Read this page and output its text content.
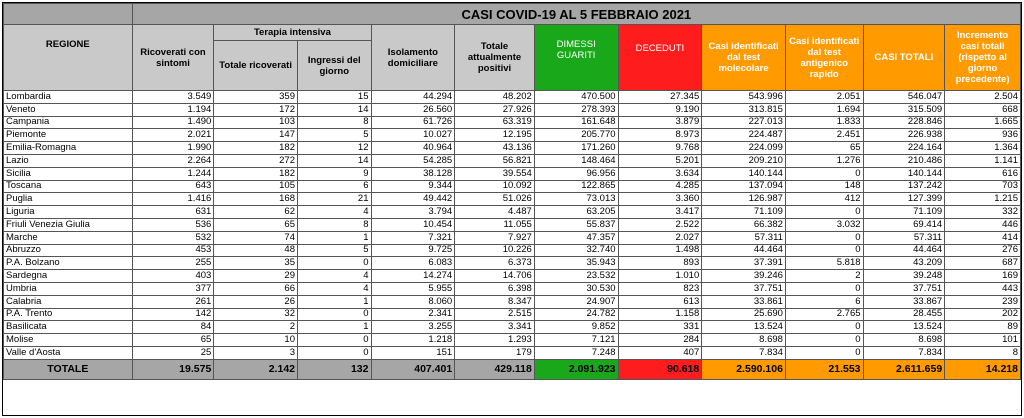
	CASI COVID-19 AL 5 FEBBRAIO 2021										
REGIONE	Ricoverati con sintomi	Terapia intensiva		Isolamento domiciliare	Totale attualmente positivi	DIMESSI GUARITI	DECEDUTI	Casi identificati dal test molecolare	Casi identificati dal test antigenico rapido	CASI TOTALI	Incremento casi totali (rispetto al giorno precedente)
		Totale ricoverati	Ingressi del giorno								
Lombardia	3.549	359	15	44.294	48.202	470.500	27.345	543.996	2.051	546.047	2.504
Veneto	1.194	172	14	26.560	27.926	278.393	9.190	313.815	1.694	315.509	668
Campania	1.490	103	8	61.726	63.319	161.648	3.879	227.013	1.833	228.846	1.665
Piemonte	2.021	147	5	10.027	12.195	205.770	8.973	224.487	2.451	226.938	936
Emilia-Romagna	1.990	182	12	40.964	43.136	171.260	9.768	224.099	65	224.164	1.364
Lazio	2.264	272	14	54.285	56.821	148.464	5.201	209.210	1.276	210.486	1.141
Sicilia	1.244	182	9	38.128	39.554	96.956	3.634	140.144	0	140.144	616
Toscana	643	105	6	9.344	10.092	122.865	4.285	137.094	148	137.242	703
Puglia	1.416	168	21	49.442	51.026	73.013	3.360	126.987	412	127.399	1.215
Liguria	631	62	4	3.794	4.487	63.205	3.417	71.109	0	71.109	332
Friuli Venezia Giulia	536	65	8	10.454	11.055	55.837	2.522	66.382	3.032	69.414	446
Marche	532	74	1	7.321	7.927	47.357	2.027	57.311	0	57.311	414
Abruzzo	453	48	5	9.725	10.226	32.740	1.498	44.464	0	44.464	276
P.A. Bolzano	255	35	0	6.083	6.373	35.943	893	37.391	5.818	43.209	687
Sardegna	403	29	4	14.274	14.706	23.532	1.010	39.246	2	39.248	169
Umbria	377	66	4	5.955	6.398	30.530	823	37.751	0	37.751	443
Calabria	261	26	1	8.060	8.347	24.907	613	33.861	6	33.867	239
P.A. Trento	142	32	0	2.341	2.515	24.782	1.158	25.690	2.765	28.455	202
Basilicata	84	2	1	3.255	3.341	9.852	331	13.524	0	13.524	89
Molise	65	10	0	1.218	1.293	7.121	284	8.698	0	8.698	101
Valle d'Aosta	25	3	0	151	179	7.248	407	7.834	0	7.834	8
TOTALE	19.575	2.142	132	407.401	429.118	2.091.923	90.618	2.590.106	21.553	2.611.659	14.218
